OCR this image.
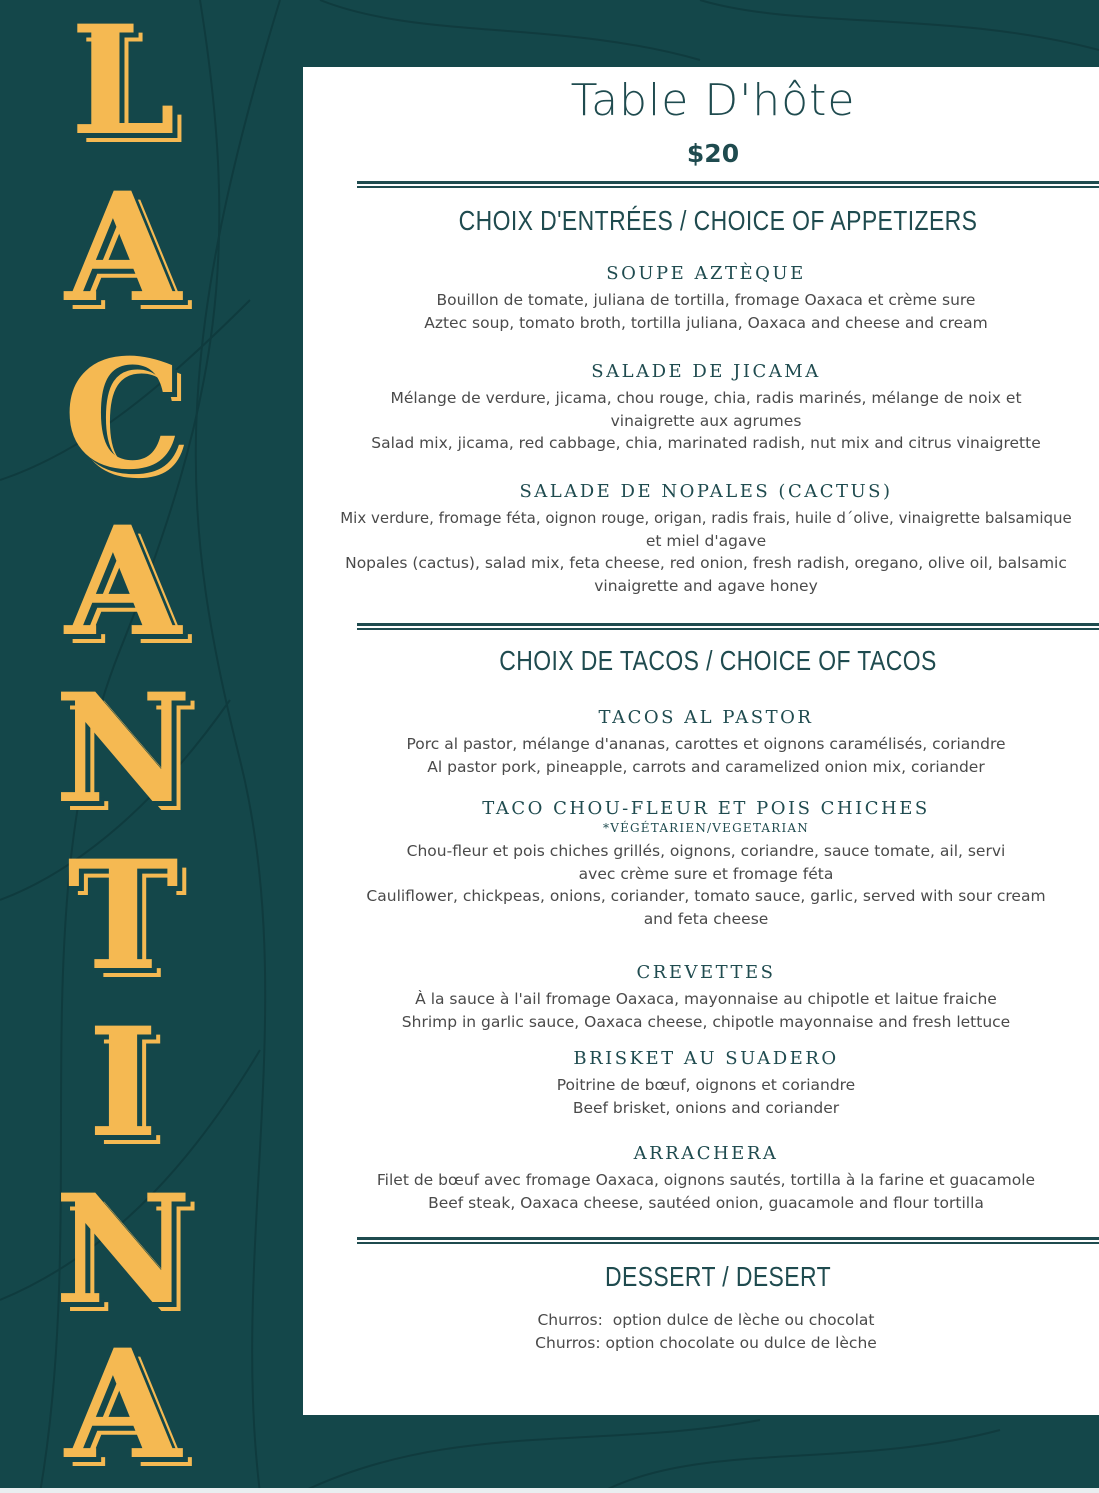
L
A
C
A
N
T
I
N
A
Table D'hôte
$20
CHOIX D'ENTRÉES / CHOICE OF APPETIZERS
SOUPE AZTÈQUE
Bouillon de tomate, juliana de tortilla, fromage Oaxaca et crème sure
Aztec soup, tomato broth, tortilla juliana, Oaxaca and cheese and cream
SALADE DE JICAMA
Mélange de verdure, jicama, chou rouge, chia, radis marinés, mélange de noix et
vinaigrette aux agrumes
Salad mix, jicama, red cabbage, chia, marinated radish, nut mix and citrus vinaigrette
SALADE DE NOPALES (CACTUS)
Mix verdure, fromage féta, oignon rouge, origan, radis frais, huile d´olive, vinaigrette balsamique
et miel d'agave
Nopales (cactus), salad mix, feta cheese, red onion, fresh radish, oregano, olive oil, balsamic
vinaigrette and agave honey
CHOIX DE TACOS / CHOICE OF TACOS
TACOS AL PASTOR
Porc al pastor, mélange d'ananas, carottes et oignons caramélisés, coriandre
Al pastor pork, pineapple, carrots and caramelized onion mix, coriander
TACO CHOU-FLEUR ET POIS CHICHES
*VÉGÉTARIEN/VEGETARIAN
Chou-fleur et pois chiches grillés, oignons, coriandre, sauce tomate, ail, servi
avec crème sure et fromage féta
Cauliflower, chickpeas, onions, coriander, tomato sauce, garlic, served with sour cream
and feta cheese
CREVETTES
À la sauce à l'ail fromage Oaxaca, mayonnaise au chipotle et laitue fraiche
Shrimp in garlic sauce, Oaxaca cheese, chipotle mayonnaise and fresh lettuce
BRISKET AU SUADERO
Poitrine de bœuf, oignons et coriandre
Beef brisket, onions and coriander
ARRACHERA
Filet de bœuf avec fromage Oaxaca, oignons sautés, tortilla à la farine et guacamole
Beef steak, Oaxaca cheese, sautéed onion, guacamole and flour tortilla
DESSERT / DESERT
Churros:  option dulce de lèche ou chocolat
Churros: option chocolate ou dulce de lèche
